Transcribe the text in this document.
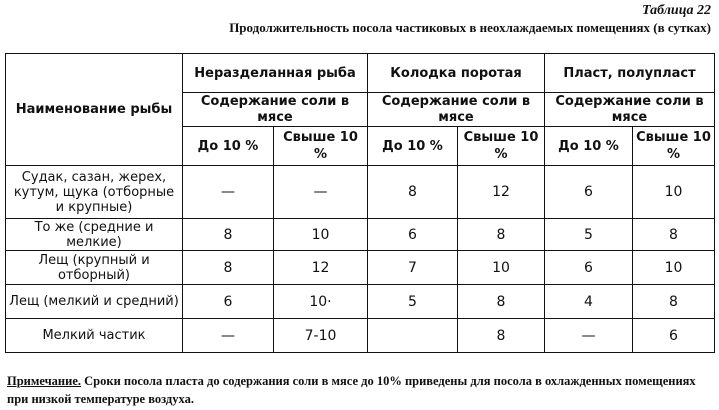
Таблица 22
Продолжительность посола частиковых в неохлаждаемых помещениях (в сутках)
Наименование рыбы	Неразделанная рыба		Колодка поротая		Пласт, полупласт	
	Содержание соли в мясе		Содержание соли в мясе		Содержание соли в мясе	
	До 10 %	Свыше 10 %	До 10 %	Свыше 10 %	До 10 %	Свыше 10 %
Судак, сазан, жерех, кутум, щука (отборные и крупные)	—	—	8	12	6	10
То же (средние и мелкие)	8	10	6	8	5	8
Лещ (крупный и отборный)	8	12	7	10	6	10
Лещ (мелкий и средний)	6	10·	5	8	4	8
Мелкий частик	—	7-10		8	—	6
Примечание. Сроки посола пласта до содержания соли в мясе до 10% приведены для посола в охлажденных помещениях при низкой температуре воздуха.
